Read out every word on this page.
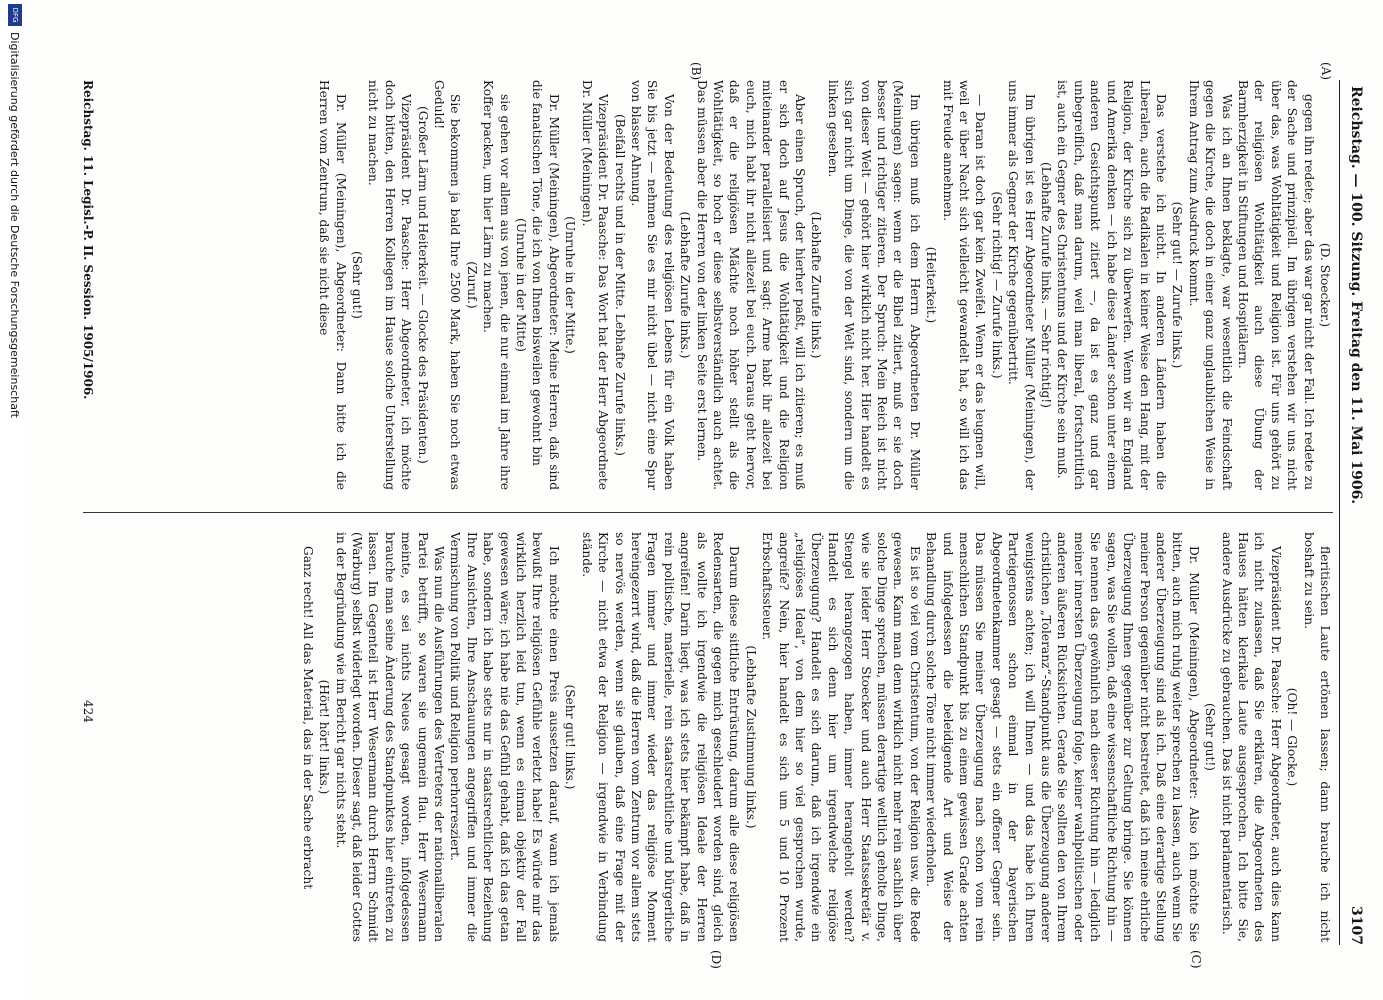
Reichstag. — 100. Sitzung. Freitag den 11. Mai 1906.
3107
(A)
(B)
(C)
(D)

(D. Stoecker.)

gegen ihn redete; aber das war gar nicht der Fall. Ich redete zu der Sache und prinzipiell. Im übrigen verstehen wir uns nicht über das, was Wohltätigkeit und Religion ist. Für uns gehört zu der religiösen Wohltätigkeit auch diese Übung der Barmherzigkeit in Stiftungen und Hospitälern.

Was ich an Ihnen beklagte, war wesentlich die Feindschaft gegen die Kirche, die doch in einer ganz unglaublichen Weise in Ihrem Antrag zum Ausdruck kommt.

(Sehr gut! — Zurufe links.)

Das verstehe ich nicht. In anderen Ländern haben die Liberalen, auch die Radikalen in keiner Weise den Hang, mit der Religion, der Kirche sich zu überwerfen. Wenn wir an England und Amerika denken — ich habe diese Länder schon unter einem anderen Gesichtspunkt zitiert —, da ist es ganz und gar unbegreiflich, daß man darum, weil man liberal, fortschrittlich ist, auch ein Gegner des Christentums und der Kirche sein muß.

(Lebhafte Zurufe links. — Sehr richtig!)

Im übrigen ist es Herr Abgeordneter Müller (Meiningen), der uns immer als Gegner der Kirche gegenübertritt.

(Sehr richtig! — Zurufe links.)

— Daran ist doch gar kein Zweifel. Wenn er das leugnen will, weil er über Nacht sich vielleicht gewandelt hat, so will ich das mit Freude annehmen.

(Heiterkeit.)

Im übrigen muß ich dem Herrn Abgeordneten Dr. Müller (Meiningen) sagen: wenn er die Bibel zitiert, muß er sie doch besser und richtiger zitieren. Der Spruch: Mein Reich ist nicht von dieser Welt — gehört hier wirklich nicht her. Hier handelt es sich gar nicht um Dinge, die von der Welt sind, sondern um die linken gesehen.

(Lebhafte Zurufe links.)

Aber einen Spruch, der hierher paßt, will ich zitieren; es muß er sich doch auf Jesus die Wohltätigkeit und die Religion miteinander parallelisiert und sagt: Arme habt ihr allezeit bei euch, mich habt ihr nicht allezeit bei euch. Daraus geht hervor, daß er die religiösen Mächte noch höher stellt als die Wohltätigkeit, so hoch er diese selbstverständlich auch achtet. Das müssen aber die Herren von der linken Seite erst lernen.

(Lebhafte Zurufe links.)

Von der Bedeutung des religiösen Lebens für ein Volk haben Sie bis jetzt — nehmen Sie es mir nicht übel — nicht eine Spur von blasser Ahnung.

(Beifall rechts und in der Mitte. Lebhafte Zurufe links.)

Vizepräsident Dr. Paasche: Das Wort hat der Herr Abgeordnete Dr. Müller (Meiningen).

(Unruhe in der Mitte.)

Dr. Müller (Meiningen), Abgeordneter: Meine Herren, daß sind die fanatischen Töne, die ich von Ihnen bisweilen gewohnt bin

(Unruhe in der Mitte)

sie gehen vor allem aus von jenen, die nur einmal im Jahre ihre Koffer packen, um hier Lärm zu machen.

(Zuruf.)

Sie bekommen ja bald Ihre 2500 Mark, haben Sie noch etwas Geduld!

(Großer Lärm und Heiterkeit. — Glocke des Präsidenten.)

Vizepräsident Dr. Paasche: Herr Abgeordneter, ich möchte doch bitten, den Herren Kollegen im Hause solche Unterstellung nicht zu machen.

(Sehr gut!)

Dr. Müller (Meiningen), Abgeordneter: Dann bitte ich die Herren vom Zentrum, daß sie nicht diese

fleritischen Laute ertönen lassen; dann brauche ich nicht boshaft zu sein.

(Oh! — Glocke.)

Vizepräsident Dr. Paasche: Herr Abgeordneter, auch dies kann ich nicht zulassen, daß Sie erklären, die Abgeordneten des Hauses hätten klerikale Laute ausgesprochen. Ich bitte Sie, andere Ausdrücke zu gebrauchen. Das ist nicht parlamentarisch.

(Sehr gut!)

Dr. Müller (Meiningen), Abgeordneter: Also ich möchte Sie bitten, auch mich ruhig weiter sprechen zu lassen, auch wenn Sie anderer Überzeugung sind als ich. Daß eine derartige Stellung meiner Person gegenüber nicht bestreitet, daß ich meine ehrliche Überzeugung Ihnen gegenüber zur Geltung bringe. Sie können sagen, was Sie wollen, daß eine wissenschaftliche Richtung hin — Sie nennen das gewöhnlich nach dieser Richtung hin — lediglich meiner innersten Überzeugung folge, keiner wahlpolitischen oder anderen äußeren Rücksichten. Gerade Sie sollten den von Ihrem christlichen „Toleranz“-Standpunkt aus die Überzeugung anderer wenigstens achten; ich will Ihnen — und das habe ich Ihren Parteigenossen schon einmal in der bayerischen Abgeordnetenkammer gesagt — stets ein offener Gegner sein. Das müssen Sie meiner Überzeugung nach schon vom rein menschlichen Standpunkt bis zu einem gewissen Grade achten und infolgedessen die beleidigende Art und Weise der Behandlung durch solche Töne nicht immer wiederholen.

Es ist so viel vom Christentum, von der Religion usw. die Rede gewesen. Kann man denn wirklich nicht mehr rein sachlich über solche Dinge sprechen, müssen derartige weltlich geholte Dinge, wie sie leider Herr Stoecker und auch Herr Staatssekretär v. Stengel herangezogen haben, immer herangeholt werden? Handelt es sich denn hier um irgendwelche religiöse Überzeugung? Handelt es sich darum, daß ich irgendwie ein „religiöses Ideal“, von dem hier so viel gesprochen wurde, angreife? Nein, hier handelt es sich um 5 und 10 Prozent Erbschaftssteuer.

(Lebhafte Zustimmung links.)

Darum diese sittliche Entrüstung, darum alle diese religiösen Redensarten, die gegen mich geschleudert worden sind, gleich als wollte ich irgendwie die religiösen Ideale der Herren angreifen! Darin liegt, was ich stets hier bekämpft habe, daß in rein politische, materielle, rein staatsrechtliche und bürgerliche Fragen immer und immer wieder das religiöse Moment hereingezerrt wird, daß die Herren vom Zentrum vor allem stets so nervös werden, wenn sie glauben, daß eine Frage mit der Kirche — nicht etwa der Religion — irgendwie in Verbindung stände.

(Sehr gut! links.)

Ich möchte einen Preis aussetzen darauf, wann ich jemals bewußt Ihre religiösen Gefühle verletzt habe! Es würde mir das wirklich herzlich leid tun, wenn es einmal objektiv der Fall gewesen wäre; ich habe nie das Gefühl gehabt, daß ich das getan habe, sondern ich habe stets nur in staatsrechtlicher Beziehung Ihre Ansichten, Ihre Anschauungen angegriffen und immer die Vermischung von Politik und Religion perhorresziert.

Was nun die Ausführungen des Vertreters der nationalliberalen Partei betrifft, so waren sie ungemein flau. Herr Wesermann meinte, es sei nichts Neues gesagt worden, infolgedessen brauche man seine Änderung des Standpunktes hier eintreten zu lassen. Im Gegenteil ist Herr Wesermann durch Herrn Schmidt (Warburg) selbst widerlegt worden. Dieser sagt, daß leider Gottes in der Begründung wie im Bericht gar nichts steht.

(Hört! hört! links.)

Ganz recht! All das Material, das in der Sache erbracht

Reichstag. 11. Legisl.-P. II. Session. 1905/1906.
424
DFG
Digitalisierung gefördert durch die Deutsche Forschungsgemeinschaft
